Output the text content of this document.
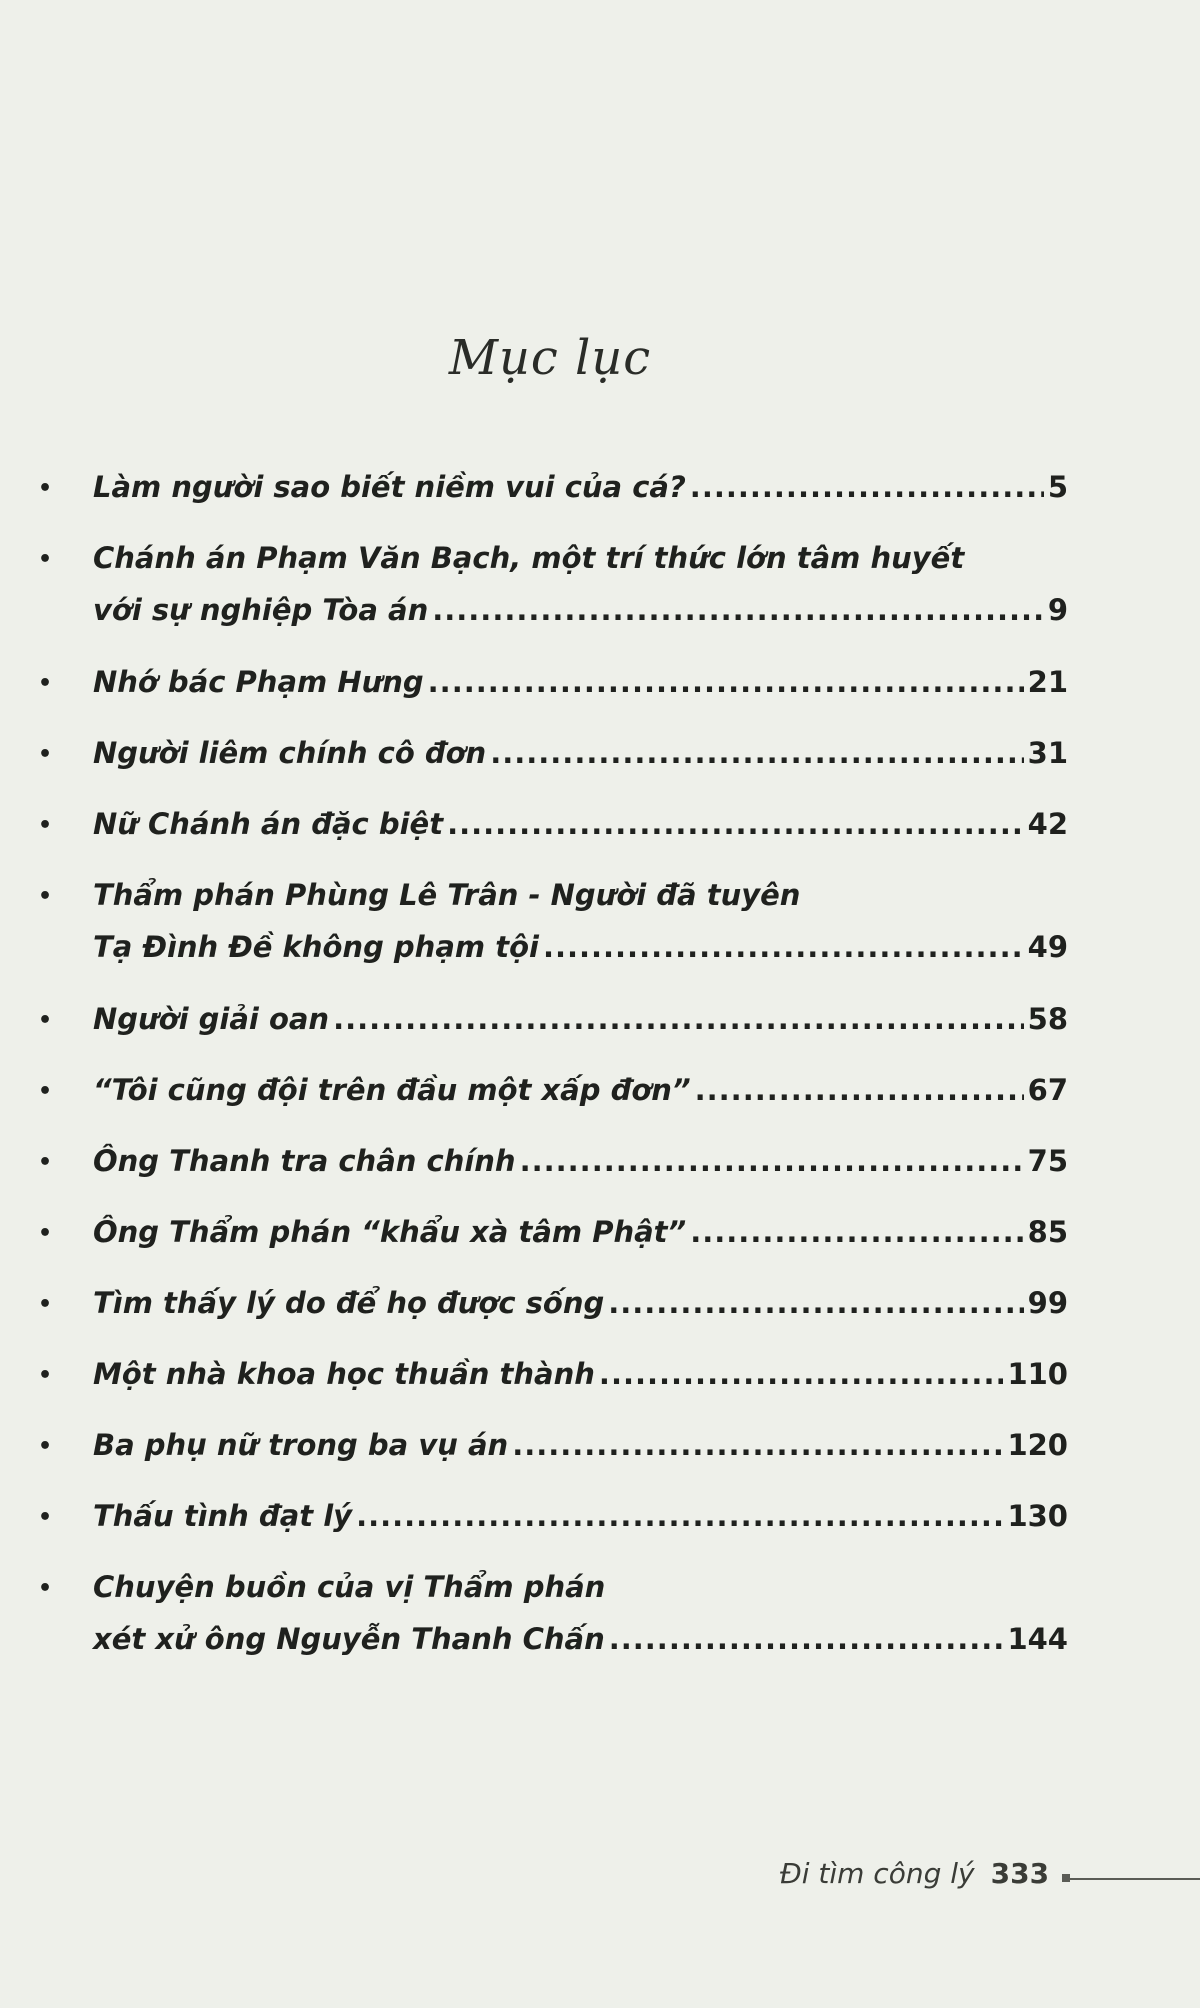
Mục lục
• Làm người sao biết niềm vui của cá? .....	5
• Chánh án Phạm Văn Bạch, một trí thức lớn tâm huyết
với sự nghiệp Tòa án .....	9
• Nhớ bác Phạm Hưng .....	21
• Người liêm chính cô đơn .....	31
• Nữ Chánh án đặc biệt .....	42
• Thẩm phán Phùng Lê Trân - Người đã tuyên
Tạ Đình Đề không phạm tội .....	49
• Người giải oan .....	58
• “Tôi cũng đội trên đầu một xấp đơn” .....	67
• Ông Thanh tra chân chính .....	75
• Ông Thẩm phán “khẩu xà tâm Phật” .....	85
• Tìm thấy lý do để họ được sống .....	99
• Một nhà khoa học thuần thành .....	110
• Ba phụ nữ trong ba vụ án .....	120
• Thấu tình đạt lý .....	130
• Chuyện buồn của vị Thẩm phán
xét xử ông Nguyễn Thanh Chấn .....	144
Đi tìm công lý 333
